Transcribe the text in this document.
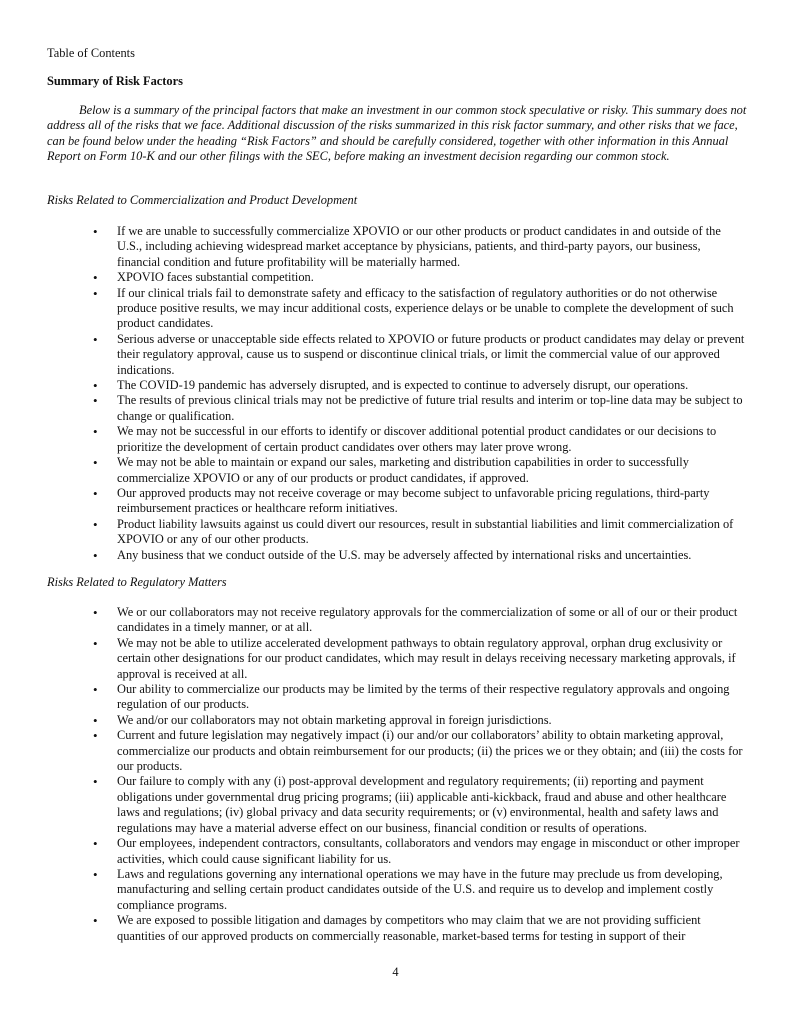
Table of Contents
Summary of Risk Factors

Below is a summary of the principal factors that make an investment in our common stock speculative or risky. This summary does not address all of the risks that we face. Additional discussion of the risks summarized in this risk factor summary, and other risks that we face, can be found below under the heading “Risk Factors” and should be carefully considered, together with other information in this Annual Report on Form 10-K and our other filings with the SEC, before making an investment decision regarding our common stock.

Risks Related to Commercialization and Product Development
• If we are unable to successfully commercialize XPOVIO or our other products or product candidates in and outside of the U.S., including achieving widespread market acceptance by physicians, patients, and third-party payors, our business, financial condition and future profitability will be materially harmed.
• XPOVIO faces substantial competition.
• If our clinical trials fail to demonstrate safety and efficacy to the satisfaction of regulatory authorities or do not otherwise produce positive results, we may incur additional costs, experience delays or be unable to complete the development of such product candidates.
• Serious adverse or unacceptable side effects related to XPOVIO or future products or product candidates may delay or prevent their regulatory approval, cause us to suspend or discontinue clinical trials, or limit the commercial value of our approved indications.
• The COVID-19 pandemic has adversely disrupted, and is expected to continue to adversely disrupt, our operations.
• The results of previous clinical trials may not be predictive of future trial results and interim or top-line data may be subject to change or qualification.
• We may not be successful in our efforts to identify or discover additional potential product candidates or our decisions to prioritize the development of certain product candidates over others may later prove wrong.
• We may not be able to maintain or expand our sales, marketing and distribution capabilities in order to successfully commercialize XPOVIO or any of our products or product candidates, if approved.
• Our approved products may not receive coverage or may become subject to unfavorable pricing regulations, third-party reimbursement practices or healthcare reform initiatives.
• Product liability lawsuits against us could divert our resources, result in substantial liabilities and limit commercialization of XPOVIO or any of our other products.
• Any business that we conduct outside of the U.S. may be adversely affected by international risks and uncertainties.
Risks Related to Regulatory Matters
• We or our collaborators may not receive regulatory approvals for the commercialization of some or all of our or their product candidates in a timely manner, or at all.
• We may not be able to utilize accelerated development pathways to obtain regulatory approval, orphan drug exclusivity or certain other designations for our product candidates, which may result in delays receiving necessary marketing approvals, if approval is received at all.
• Our ability to commercialize our products may be limited by the terms of their respective regulatory approvals and ongoing regulation of our products.
• We and/or our collaborators may not obtain marketing approval in foreign jurisdictions.
• Current and future legislation may negatively impact (i) our and/or our collaborators’ ability to obtain marketing approval, commercialize our products and obtain reimbursement for our products; (ii) the prices we or they obtain; and (iii) the costs for our products.
• Our failure to comply with any (i) post-approval development and regulatory requirements; (ii) reporting and payment obligations under governmental drug pricing programs; (iii) applicable anti-kickback, fraud and abuse and other healthcare laws and regulations; (iv) global privacy and data security requirements; or (v) environmental, health and safety laws and regulations may have a material adverse effect on our business, financial condition or results of operations.
• Our employees, independent contractors, consultants, collaborators and vendors may engage in misconduct or other improper activities, which could cause significant liability for us.
• Laws and regulations governing any international operations we may have in the future may preclude us from developing, manufacturing and selling certain product candidates outside of the U.S. and require us to develop and implement costly compliance programs.
• We are exposed to possible litigation and damages by competitors who may claim that we are not providing sufficient quantities of our approved products on commercially reasonable, market-based terms for testing in support of their
4
